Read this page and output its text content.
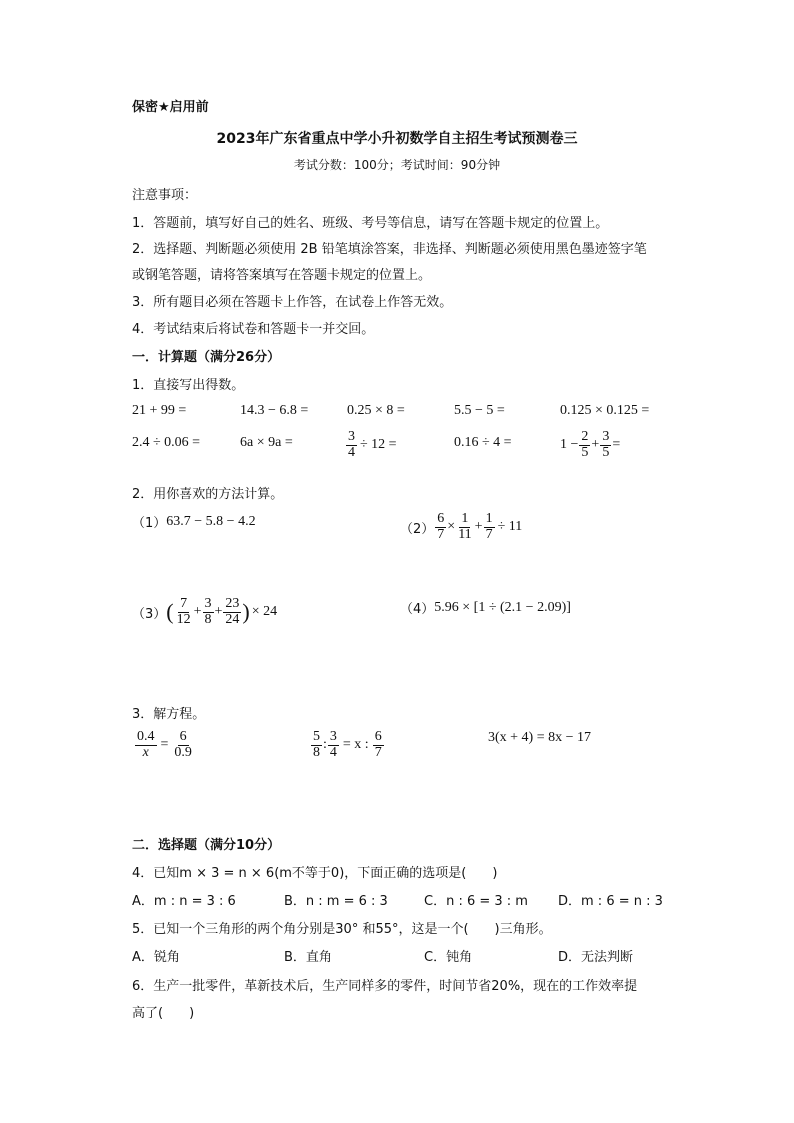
保密★启用前
2023年广东省重点中学小升初数学自主招生考试预测卷三
考试分数：100分；考试时间：90分钟
注意事项：
1．答题前，填写好自己的姓名、班级、考号等信息，请写在答题卡规定的位置上。
2．选择题、判断题必须使用 2B 铅笔填涂答案，非选择、判断题必须使用黑色墨迹签字笔
或钢笔答题，请将答案填写在答题卡规定的位置上。
3．所有题目必须在答题卡上作答，在试卷上作答无效。
4．考试结束后将试卷和答题卡一并交回。
一．计算题（满分26分）
1．直接写出得数。
21 + 99 =	14.3 − 6.8 =	0.25 × 8 =	5.5 − 5 =	0.125 × 0.125 =
2.4 ÷ 0.06 =	6a × 9a =	$\frac{3}{4} \div 12$ =	0.16 ÷ 4 =	$1 - \frac{2}{5} + \frac{3}{5}$ =
2．用你喜欢的方法计算。
（1） 63.7 − 5.8 − 4.2
$(2) \frac{6}{7} \times \frac{1}{11} + \frac{1}{7} \div 11$
（3） ( $\frac{7}{12} + \frac{3}{8} + \frac{23}{24}$ ) × 24	（4） 5.96 × [1 ÷ (2.1 − 2.09)]
3．解方程。
$\frac{0.4}{x} = \frac{6}{0.9}$	$\frac{5}{8}$ : $\frac{3}{4} = x$ : $\frac{6}{7}$	3(x + 4) = 8x − 17
二．选择题（满分10分）
4．已知m × 3 = n × 6(m不等于0)，下面正确的选项是(　　)
A．m : n = 3 : 6	B．n : m = 6 : 3	C．n : 6 = 3 : m D．m : 6 = n : 3
5．已知一个三角形的两个角分别是30° 和55°，这是一个(　　)三角形。
A．锐角	B．直角	C．钝角	D．无法判断
6．生产一批零件，革新技术后，生产同样多的零件，时间节省20%，现在的工作效率提
高了(　　)
